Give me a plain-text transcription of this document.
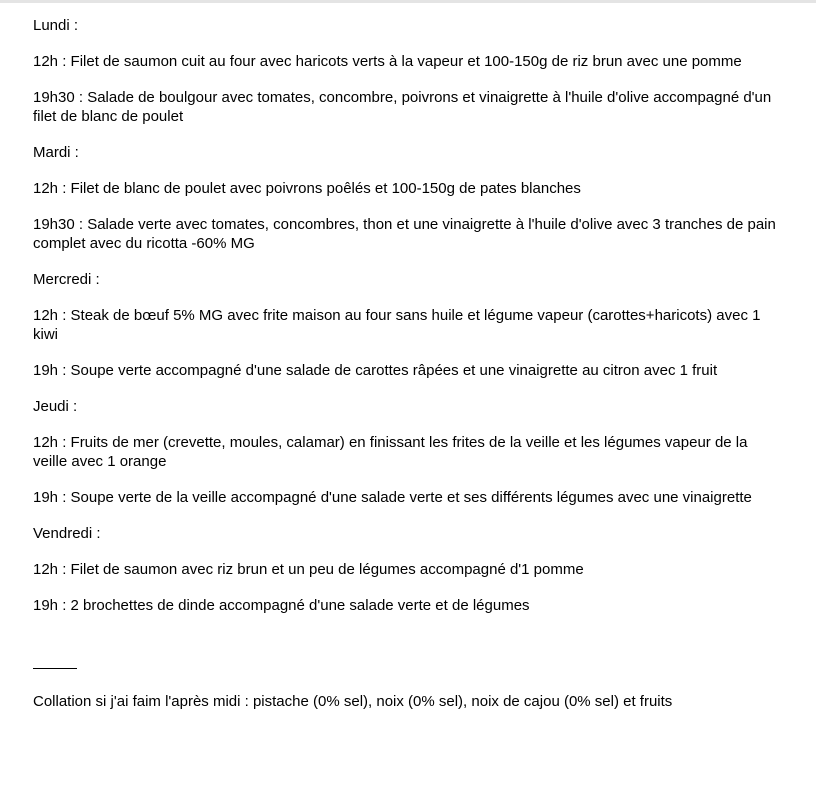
Lundi :
12h : Filet de saumon cuit au four avec haricots verts à la vapeur et 100-150g de riz brun avec une pomme
19h30 : Salade de boulgour avec tomates, concombre, poivrons et vinaigrette à l'huile d'olive accompagné d'un filet de blanc de poulet
Mardi :
12h : Filet de blanc de poulet avec poivrons poêlés et 100-150g de pates blanches
19h30 : Salade verte avec tomates, concombres, thon et une vinaigrette à l'huile d'olive avec 3 tranches de pain complet avec du ricotta -60% MG
Mercredi :
12h : Steak de bœuf 5% MG avec frite maison au four sans huile et légume vapeur (carottes+haricots) avec 1 kiwi
19h : Soupe verte accompagné d'une salade de carottes râpées et une vinaigrette au citron avec 1 fruit
Jeudi :
12h : Fruits de mer (crevette, moules, calamar) en finissant les frites de la veille et les légumes vapeur de la veille avec 1 orange
19h : Soupe verte de la veille accompagné d'une salade verte et ses différents légumes avec une vinaigrette
Vendredi :
12h : Filet de saumon avec riz brun et un peu de légumes accompagné d'1 pomme
19h : 2 brochettes de dinde accompagné d'une salade verte et de légumes
Collation si j'ai faim l'après midi : pistache (0% sel), noix (0% sel), noix de cajou (0% sel) et fruits
